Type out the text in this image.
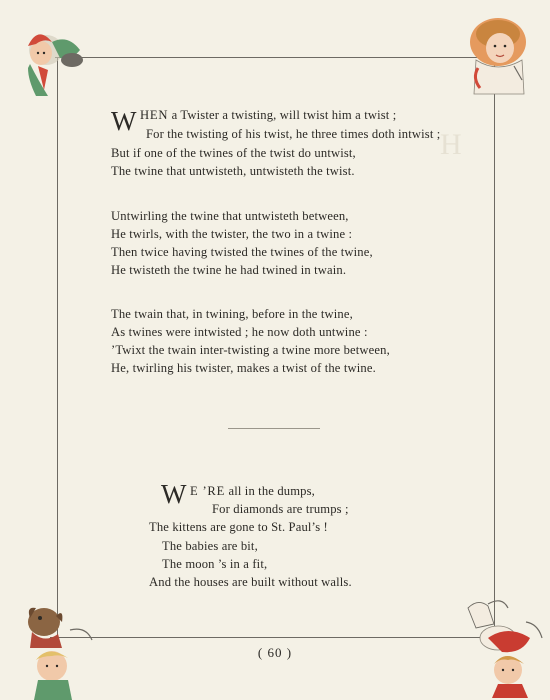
H
W HEN a Twister a twisting, will twist him a twist ;
For the twisting of his twist, he three times doth intwist ;
But if one of the twines of the twist do untwist,
The twine that untwisteth, untwisteth the twist.
Untwirling the twine that untwisteth between,
He twirls, with the twister, the two in a twine :
Then twice having twisted the twines of the twine,
He twisteth the twine he had twined in twain.
The twain that, in twining, before in the twine,
As twines were intwisted ; he now doth untwine :
’Twixt the twain inter-twisting a twine more between,
He, twirling his twister, makes a twist of the twine.
W E ’RE all in the dumps,
For diamonds are trumps ;
The kittens are gone to St. Paul’s !
The babies are bit,
The moon ’s in a fit,
And the houses are built without walls.
( 60 )
